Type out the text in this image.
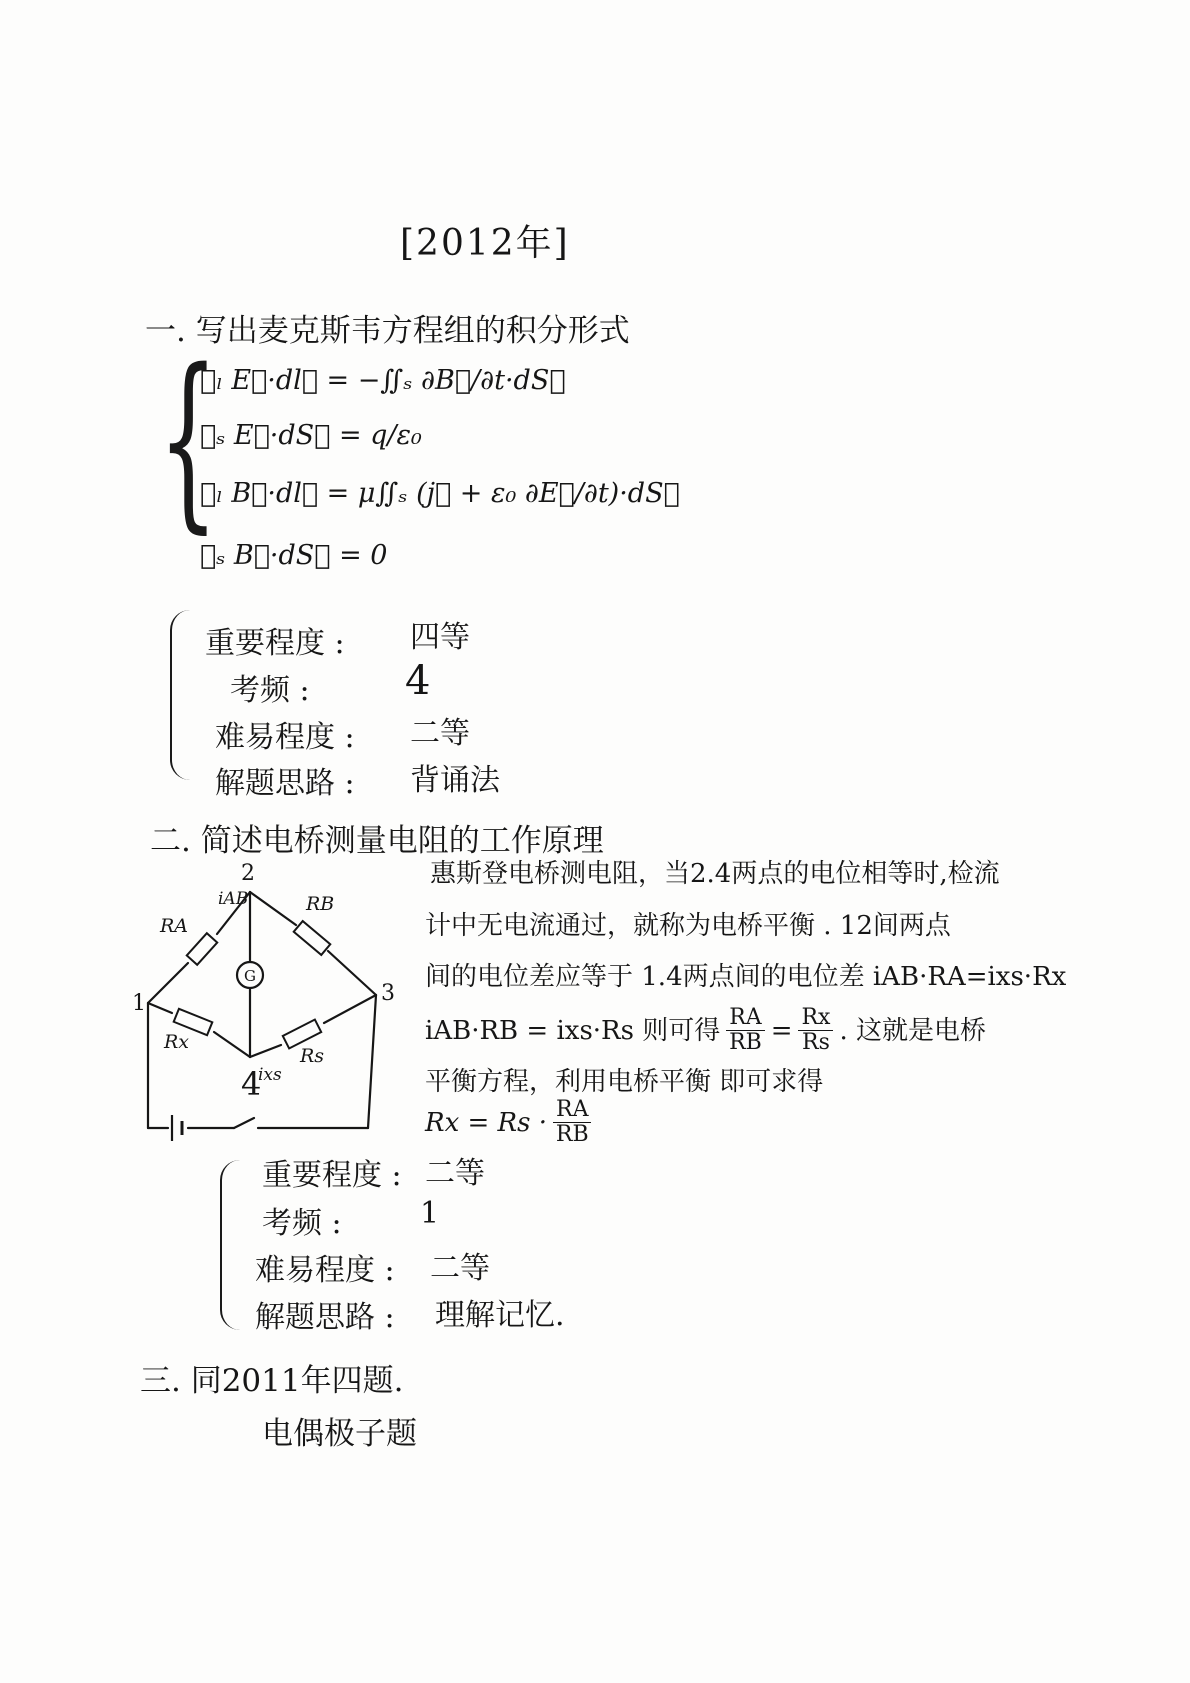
[2012年]
一. 写出麦克斯韦方程组的积分形式
{
∮ₗ E⃗·dl⃗ = −∬ₛ ∂B⃗/∂t·dS⃗
∯ₛ E⃗·dS⃗ = q/ε₀
∮ₗ B⃗·dl⃗ = μ∬ₛ (j⃗ + ε₀ ∂E⃗/∂t)·dS⃗
∯ₛ B⃗·dS⃗ = 0
重要程度 : 四等
考频 : 4
难易程度 : 二等
解题思路 : 背诵法
二. 简述电桥测量电阻的工作原理
G
2
1	3
4
iAB
ixs
RA
RB
Rx
Rs
惠斯登电桥测电阻，当2.4两点的电位相等时,检流
计中无电流通过，就称为电桥平衡 . 12间两点
间的电位差应等于 1.4两点间的电位差 iAB·RA=ixs·Rx
iAB·RB = ixs·Rs 则可得 $\frac{RA}{RB} = \frac{Rx}{Rs}$ . 这就是电桥
平衡方程，利用电桥平衡 即可求得
$Rx = Rs \cdot \frac{RA}{RB}$
重要程度 : 二等
考频 :	1
难易程度 : 二等
解题思路 : 理解记忆.
三. 同2011年四题.
电偶极子题
